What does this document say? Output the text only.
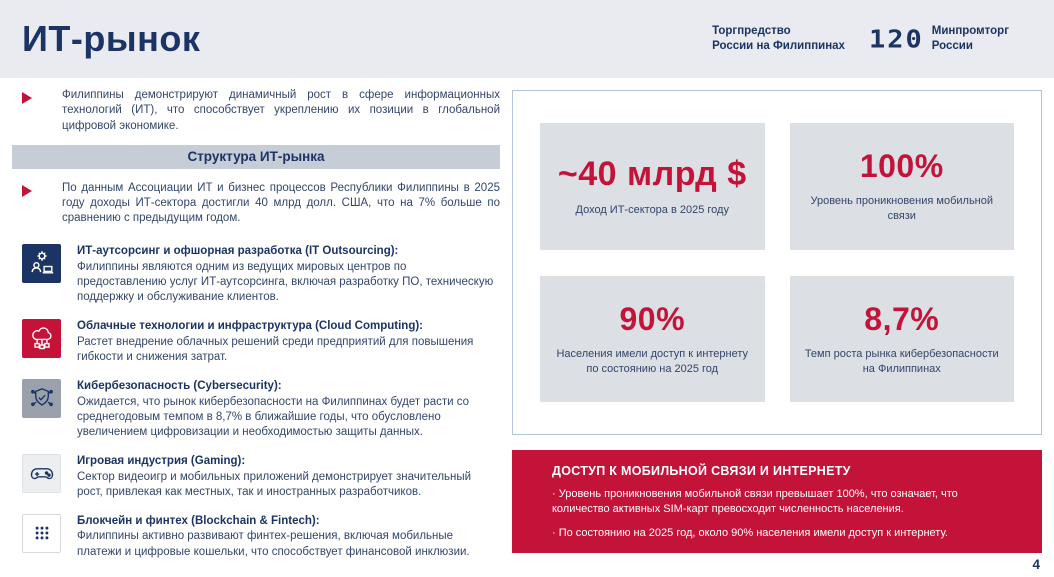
ИТ-рынок	Торгпредство
России на Филиппинах 120 Минпромторг
России
Филиппины демонстрируют динамичный рост в сфере информационных технологий (ИТ), что способствует укреплению их позиции в глобальной цифровой экономике.
Структура ИТ-рынка
По данным Ассоциации ИТ и бизнес процессов Республики Филиппины в 2025 году доходы ИТ-сектора достигли 40 млрд долл. США, что на 7% больше по сравнению с предыдущим годом.
ИТ-аутсорсинг и офшорная разработка (IT Outsourcing):
Филиппины являются одним из ведущих мировых центров по предоставлению услуг ИТ-аутсорсинга, включая разработку ПО, техническую поддержку и обслуживание клиентов.
Облачные технологии и инфраструктура (Cloud Computing):
Растет внедрение облачных решений среди предприятий для повышения гибкости и снижения затрат.
Кибербезопасность (Cybersecurity):
Ожидается, что рынок кибербезопасности на Филиппинах будет расти со среднегодовым темпом в 8,7% в ближайшие годы, что обусловлено увеличением цифровизации и необходимостью защиты данных.
Игровая индустрия (Gaming):
Сектор видеоигр и мобильных приложений демонстрирует значительный рост, привлекая как местных, так и иностранных разработчиков.
Блокчейн и финтех (Blockchain & Fintech):
Филиппины активно развивают финтех-решения, включая мобильные платежи и цифровые кошельки, что способствует финансовой инклюзии.
~40 млрд $
Доход ИТ-сектора в 2025 году
100%
Уровень проникновения мобильной связи
90%
Населения имели доступ к интернету по состоянию на 2025 год
8,7%
Темп роста рынка кибербезопасности на Филиппинах
ДОСТУП К МОБИЛЬНОЙ СВЯЗИ И ИНТЕРНЕТУ
· Уровень проникновения мобильной связи превышает 100%, что означает, что количество активных SIM-карт превосходит численность населения.
· По состоянию на 2025 год, около 90% населения имели доступ к интернету.
4
